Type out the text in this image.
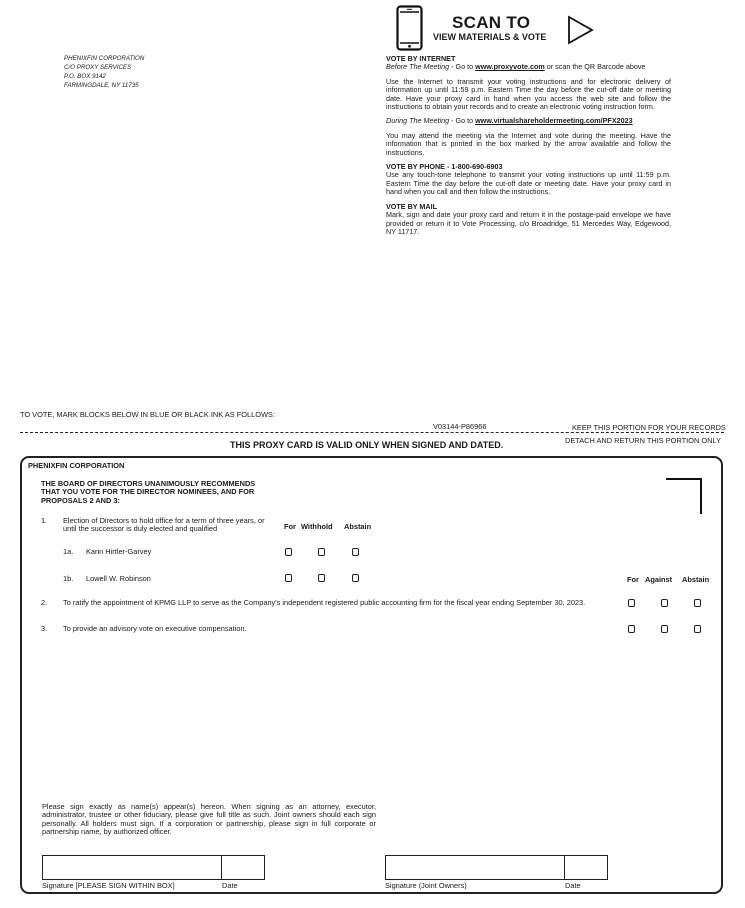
PHENIXFIN CORPORATION
C/O PROXY SERVICES
P.O. BOX 9142
FARMINGDALE, NY 11735
SCAN TO
VIEW MATERIALS & VOTE
VOTE BY INTERNET
Before The Meeting - Go to www.proxyvote.com or scan the QR Barcode above
Use the Internet to transmit your voting instructions and for electronic delivery of information up until 11:59 p.m. Eastern Time the day before the cut-off date or meeting date. Have your proxy card in hand when you access the web site and follow the instructions to obtain your records and to create an electronic voting instruction form.
During The Meeting - Go to www.virtualshareholdermeeting.com/PFX2023
You may attend the meeting via the Internet and vote during the meeting. Have the information that is printed in the box marked by the arrow available and follow the instructions.
VOTE BY PHONE - 1-800-690-6903
Use any touch-tone telephone to transmit your voting instructions up until 11:59 p.m. Eastern Time the day before the cut-off date or meeting date. Have your proxy card in hand when you call and then follow the instructions.
VOTE BY MAIL
Mark, sign and date your proxy card and return it in the postage-paid envelope we have provided or return it to Vote Processing, c/o Broadridge, 51 Mercedes Way, Edgewood, NY 11717.
TO VOTE, MARK BLOCKS BELOW IN BLUE OR BLACK INK AS FOLLOWS:
V03144-P86966	KEEP THIS PORTION FOR YOUR RECORDS
DETACH AND RETURN THIS PORTION ONLY
THIS PROXY CARD IS VALID ONLY WHEN SIGNED AND DATED.
PHENIXFIN CORPORATION
THE BOARD OF DIRECTORS UNANIMOUSLY RECOMMENDS THAT YOU VOTE FOR THE DIRECTOR NOMINEES, AND FOR PROPOSALS 2 AND 3:
1. Election of Directors to hold office for a term of three years, or until the successor is duly elected and qualified	For Withhold Abstain
1a. Karin Hirtler-Garvey
1b. Lowell W. Robinson	For Against Abstain
2. To ratify the appointment of KPMG LLP to serve as the Company's independent registered public accounting firm for the fiscal year ending September 30, 2023.
3. To provide an advisory vote on executive compensation.
Please sign exactly as name(s) appear(s) hereon. When signing as an attorney, executor, administrator, trustee or other fiduciary, please give full title as such. Joint owners should each sign personally. All holders must sign. If a corporation or partnership, please sign in full corporate or partnership name, by authorized officer.
Signature [PLEASE SIGN WITHIN BOX]	Date	Signature (Joint Owners)	Date
